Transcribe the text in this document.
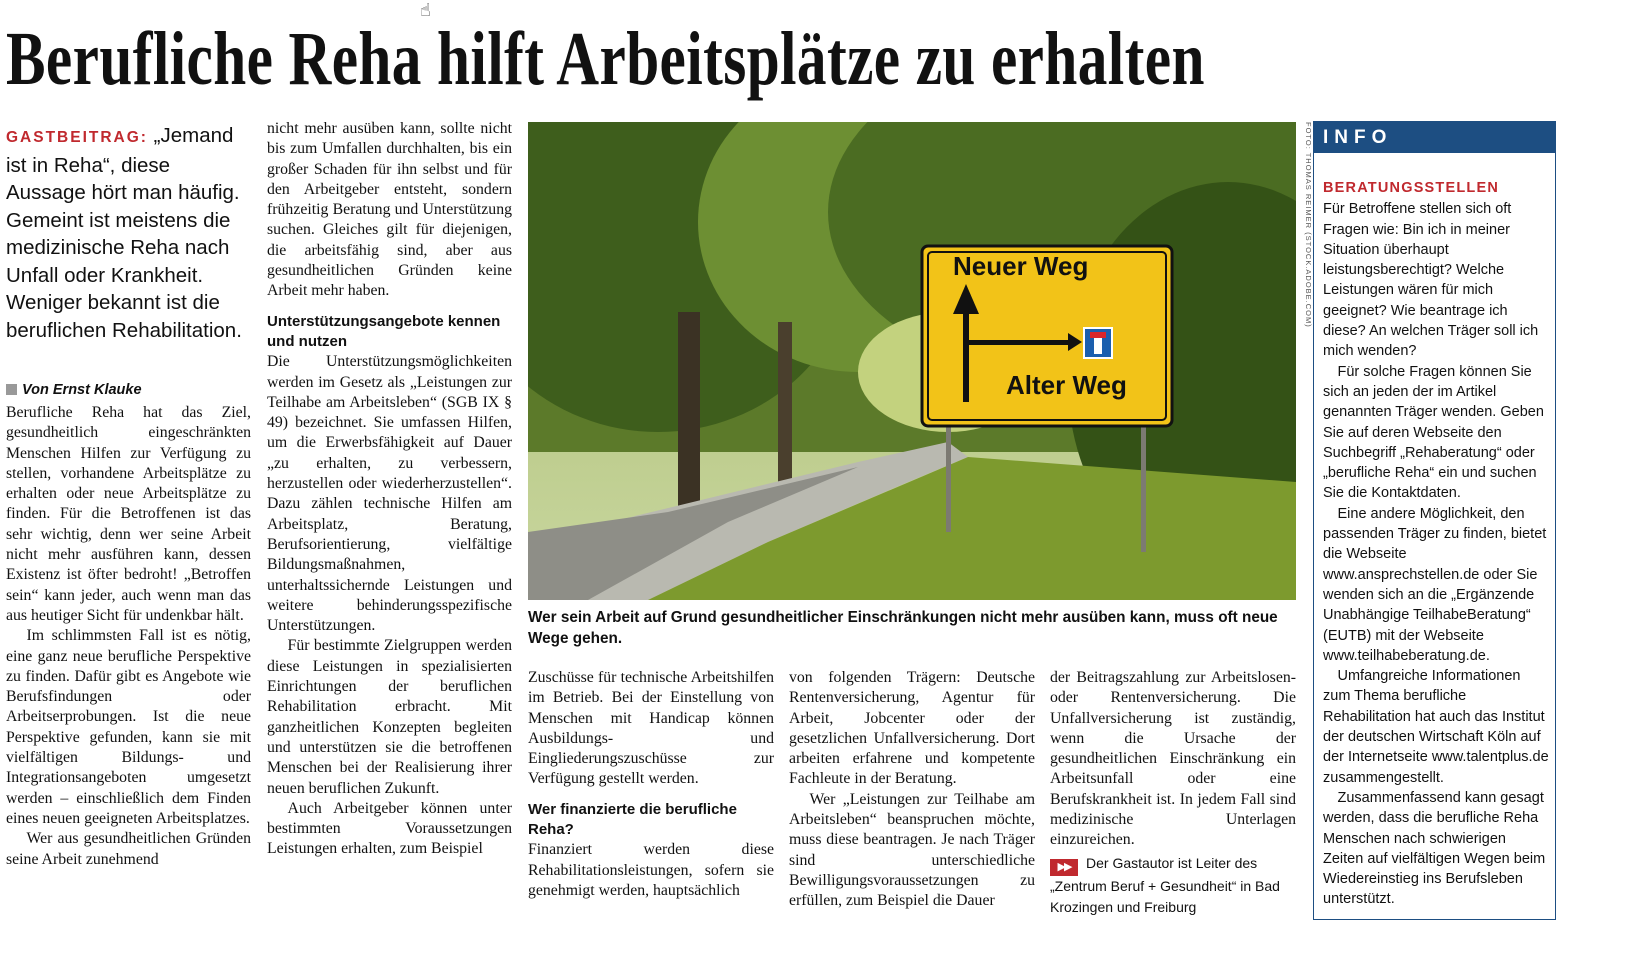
☝
Berufliche Reha hilft Arbeitsplätze zu erhalten
GASTBEITRAG: „Jemand ist in Reha“, diese Aussage hört man häufig. Gemeint ist meistens die medizinische Reha nach Unfall oder Krankheit. Weniger bekannt ist die beruflichen Rehabilitation.
Von Ernst Klauke

Berufliche Reha hat das Ziel, gesundheitlich eingeschränkten Menschen Hilfen zur Verfügung zu stellen, vorhandene Arbeitsplätze zu erhalten oder neue Arbeitsplätze zu finden. Für die Betroffenen ist das sehr wichtig, denn wer seine Arbeit nicht mehr ausführen kann, dessen Existenz ist öfter bedroht! „Betroffen sein“ kann jeder, auch wenn man das aus heutiger Sicht für undenkbar hält.

Im schlimmsten Fall ist es nötig, eine ganz neue berufliche Perspektive zu finden. Dafür gibt es Angebote wie Berufsfindungen oder Arbeitserprobungen. Ist die neue Perspektive gefunden, kann sie mit vielfältigen Bildungs- und Integrationsangeboten umgesetzt werden – einschließlich dem Finden eines neuen geeigneten Arbeitsplatzes.

Wer aus gesundheitlichen Gründen seine Arbeit zunehmend

nicht mehr ausüben kann, sollte nicht bis zum Umfallen durchhalten, bis ein großer Schaden für ihn selbst und für den Arbeitgeber entsteht, sondern frühzeitig Beratung und Unterstützung suchen. Gleiches gilt für diejenigen, die arbeitsfähig sind, aber aus gesundheitlichen Gründen keine Arbeit mehr haben.

Unterstützungsangebote kennen und nutzen

Die Unterstützungsmöglichkeiten werden im Gesetz als „Leistungen zur Teilhabe am Arbeitsleben“ (SGB IX § 49) bezeichnet. Sie umfassen Hilfen, um die Erwerbsfähigkeit auf Dauer „zu erhalten, zu verbessern, herzustellen oder wiederherzustellen“. Dazu zählen technische Hilfen am Arbeitsplatz, Beratung, Berufsorientierung, vielfältige Bildungsmaßnahmen, unterhaltssichernde Leistungen und weitere behinderungsspezifische Unterstützungen.

Für bestimmte Zielgruppen werden diese Leistungen in spezialisierten Einrichtungen der beruflichen Rehabilitation erbracht. Mit ganzheitlichen Konzepten begleiten und unterstützen sie die betroffenen Menschen bei der Realisierung ihrer neuen beruflichen Zukunft.

Auch Arbeitgeber können unter bestimmten Voraussetzungen Leistungen erhalten, zum Beispiel

Neuer Weg
Alter Weg
FOTO: THOMAS REIMER (STOCK.ADOBE.COM)
Wer sein Arbeit auf Grund gesundheitlicher Einschränkungen nicht mehr ausüben kann, muss oft neue Wege gehen.

Zuschüsse für technische Arbeitshilfen im Betrieb. Bei der Einstellung von Menschen mit Handicap können Ausbildungs- und Eingliederungszuschüsse zur Verfügung gestellt werden.

Wer finanzierte die berufliche Reha?

Finanziert werden diese Rehabilitationsleistungen, sofern sie genehmigt werden, hauptsächlich

von folgenden Trägern: Deutsche Rentenversicherung, Agentur für Arbeit, Jobcenter oder der gesetzlichen Unfallversicherung. Dort arbeiten erfahrene und kompetente Fachleute in der Beratung.

Wer „Leistungen zur Teilhabe am Arbeitsleben“ beanspruchen möchte, muss diese beantragen. Je nach Träger sind unterschiedliche Bewilligungsvoraussetzungen zu erfüllen, zum Beispiel die Dauer

der Beitragszahlung zur Arbeitslosen- oder Rentenversicherung. Die Unfallversicherung ist zuständig, wenn die Ursache der gesundheitlichen Einschränkung ein Arbeitsunfall oder eine Berufskrankheit ist. In jedem Fall sind medizinische Unterlagen einzureichen.

▶▶ Der Gastautor ist Leiter des „Zentrum Beruf + Gesundheit“ in Bad Krozingen und Freiburg
INFO
BERATUNGSSTELLEN

Für Betroffene stellen sich oft Fragen wie: Bin ich in meiner Situation überhaupt leistungsberechtigt? Welche Leistungen wären für mich geeignet? Wie beantrage ich diese? An welchen Träger soll ich mich wenden?

Für solche Fragen können Sie sich an jeden der im Artikel genannten Träger wenden. Geben Sie auf deren Webseite den Suchbegriff „Rehaberatung“ oder „berufliche Reha“ ein und suchen Sie die Kontaktdaten.

Eine andere Möglichkeit, den passenden Träger zu finden, bietet die Webseite www.ansprechstellen.de oder Sie wenden sich an die „Ergänzende Unabhängige TeilhabeBeratung“ (EUTB) mit der Webseite www.teilhabeberatung.de.

Umfangreiche Informationen zum Thema berufliche Rehabilitation hat auch das Institut der deutschen Wirtschaft Köln auf der Internetseite www.talentplus.de zusammengestellt.

Zusammenfassend kann gesagt werden, dass die berufliche Reha Menschen nach schwierigen Zeiten auf vielfältigen Wegen beim Wiedereinstieg ins Berufsleben unterstützt.
